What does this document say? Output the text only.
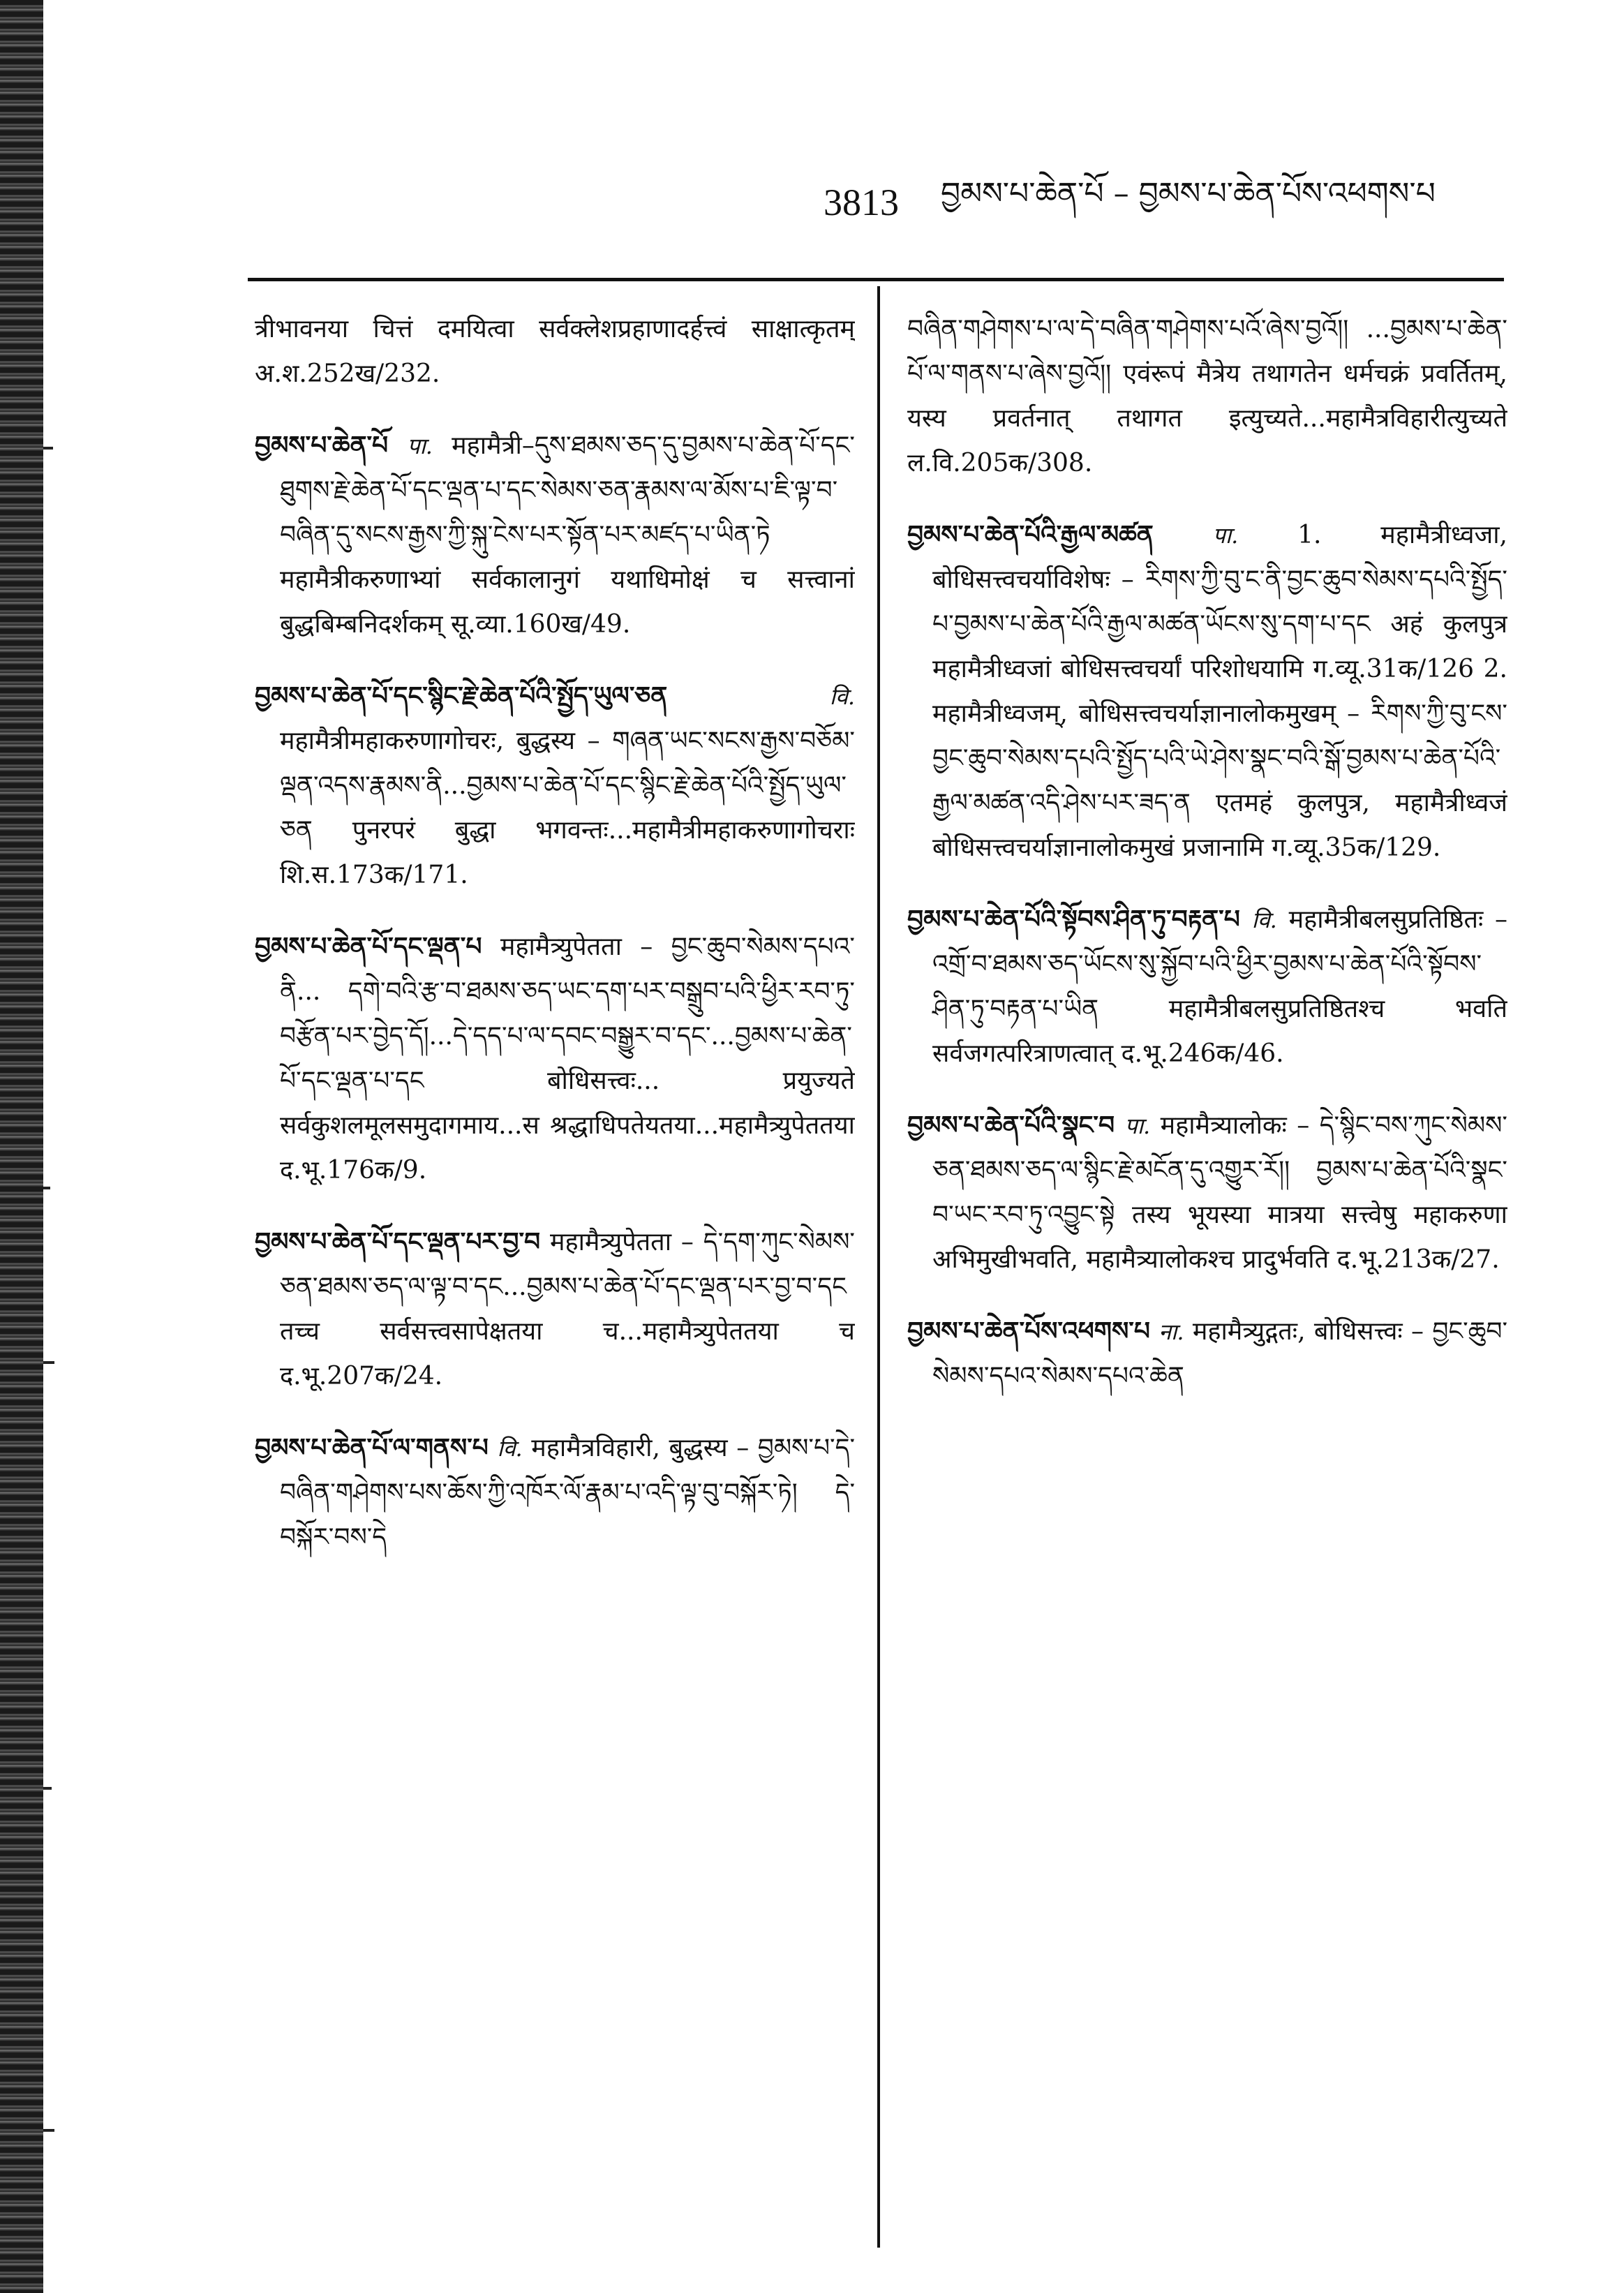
3813 བྱམས་པ་ཆེན་པོ – བྱམས་པ་ཆེན་པོས་འཕགས་པ

त्रीभावनया चित्तं दमयित्वा सर्वक्लेशप्रहाणादर्हत्त्वं साक्षात्कृतम् अ.श.252ख/232.

བྱམས་པ་ཆེན་པོ पा. महामैत्री–དུས་ཐམས་ཅད་དུ་བྱམས་པ་ཆེན་པོ་དང་ཐུགས་རྗེ་ཆེན་པོ་དང་ལྡན་པ་དང་སེམས་ཅན་རྣམས་ལ་མོས་པ་ཇི་ལྟ་བ་བཞིན་དུ་སངས་རྒྱས་ཀྱི་སྐུ་ངེས་པར་སྟོན་པར་མཛད་པ་ཡིན་ཏེ महामैत्रीकरुणाभ्यां सर्वकालानुगं यथाधिमोक्षं च सत्त्वानां बुद्धबिम्बनिदर्शकम् सू.व्या.160ख/49.

བྱམས་པ་ཆེན་པོ་དང་སྙིང་རྗེ་ཆེན་པོའི་སྤྱོད་ཡུལ་ཅན	वि. महामैत्रीमहाकरुणागोचरः, बुद्धस्य – གཞན་ཡང་སངས་རྒྱས་བཅོམ་ལྡན་འདས་རྣམས་ནི...བྱམས་པ་ཆེན་པོ་དང་སྙིང་རྗེ་ཆེན་པོའི་སྤྱོད་ཡུལ་ཅན पुनरपरं बुद्धा भगवन्तः...महामैत्रीमहाकरुणागोचराः शि.स.173क/171.

བྱམས་པ་ཆེན་པོ་དང་ལྡན་པ महामैत्र्युपेतता – བྱང་ཆུབ་སེམས་དཔའ་ནི... དགེ་བའི་རྩ་བ་ཐམས་ཅད་ཡང་དག་པར་བསྒྲུབ་པའི་ཕྱིར་རབ་ཏུ་བརྩོན་པར་བྱེད་དོ།...དེ་དད་པ་ལ་དབང་བསྒྱུར་བ་དང་...བྱམས་པ་ཆེན་པོ་དང་ལྡན་པ་དང बोधिसत्त्वः... प्रयुज्यते सर्वकुशलमूलसमुदागमाय...स श्रद्धाधिपतेयतया...महामैत्र्युपेततया द.भू.176क/9.

བྱམས་པ་ཆེན་པོ་དང་ལྡན་པར་བྱ་བ महामैत्र्युपेतता – དེ་དག་ཀུང་སེམས་ཅན་ཐམས་ཅད་ལ་ལྟ་བ་དང...བྱམས་པ་ཆེན་པོ་དང་ལྡན་པར་བྱ་བ་དང तच्च सर्वसत्त्वसापेक्षतया च...महामैत्र्युपेततया च द.भू.207क/24.

བྱམས་པ་ཆེན་པོ་ལ་གནས་པ वि. महामैत्रविहारी, बुद्धस्य – བྱམས་པ་དེ་བཞིན་གཤེགས་པས་ཆོས་ཀྱི་འཁོར་ལོ་རྣམ་པ་འདི་ལྟ་བུ་བསྐོར་ཏེ། དེ་བསྐོར་བས་དེ

བཞིན་གཤེགས་པ་ལ་དེ་བཞིན་གཤེགས་པའོ་ཞེས་བྱའོ།། ...བྱམས་པ་ཆེན་པོ་ལ་གནས་པ་ཞེས་བྱའོ།། एवंरूपं मैत्रेय तथागतेन धर्मचक्रं प्रवर्तितम्, यस्य प्रवर्तनात् तथागत इत्युच्यते...महामैत्रविहारीत्युच्यते ल.वि.205क/308.

བྱམས་པ་ཆེན་པོའི་རྒྱལ་མཚན	पा. 1. महामैत्रीध्वजा, बोधिसत्त्वचर्याविशेषः – རིགས་ཀྱི་བུ་ང་ནི་བྱང་ཆུབ་སེམས་དཔའི་སྤྱོད་པ་བྱམས་པ་ཆེན་པོའི་རྒྱལ་མཚན་ཡོངས་སུ་དག་པ་དང अहं कुलपुत्र महामैत्रीध्वजां बोधिसत्त्वचर्यां परिशोधयामि ग.व्यू.31क/126 2. महामैत्रीध्वजम्, बोधिसत्त्वचर्याज्ञानालोकमुखम् – རིགས་ཀྱི་བུ་ངས་བྱང་ཆུབ་སེམས་དཔའི་སྤྱོད་པའི་ཡེ་ཤེས་སྣང་བའི་སྒོ་བྱམས་པ་ཆེན་པོའི་རྒྱལ་མཚན་འདི་ཤེས་པར་ཟད་ན एतमहं कुलपुत्र, महामैत्रीध्वजं बोधिसत्त्वचर्याज्ञानालोकमुखं प्रजानामि ग.व्यू.35क/129.

བྱམས་པ་ཆེན་པོའི་སྟོབས་ཤིན་ཏུ་བརྟན་པ वि. महामैत्रीबलसुप्रतिष्ठितः – འགྲོ་བ་ཐམས་ཅད་ཡོངས་སུ་སྐྱོབ་པའི་ཕྱིར་བྱམས་པ་ཆེན་པོའི་སྟོབས་ཤིན་ཏུ་བརྟན་པ་ཡིན महामैत्रीबलसुप्रतिष्ठितश्च भवति सर्वजगत्परित्राणत्वात् द.भू.246क/46.

བྱམས་པ་ཆེན་པོའི་སྣང་བ पा. महामैत्र्यालोकः – དེ་སྙིང་བས་ཀུང་སེམས་ཅན་ཐམས་ཅད་ལ་སྙིང་རྗེ་མངོན་དུ་འགྱུར་རོ།། བྱམས་པ་ཆེན་པོའི་སྣང་བ་ཡང་རབ་ཏུ་འབྱུང་སྟེ तस्य भूयस्या मात्रया सत्त्वेषु महाकरुणा अभिमुखीभवति, महामैत्र्यालोकश्च प्रादुर्भवति द.भू.213क/27.

བྱམས་པ་ཆེན་པོས་འཕགས་པ ना. महामैत्र्युद्गतः, बोधिसत्त्वः – བྱང་ཆུབ་སེམས་དཔའ་སེམས་དཔའ་ཆེན
